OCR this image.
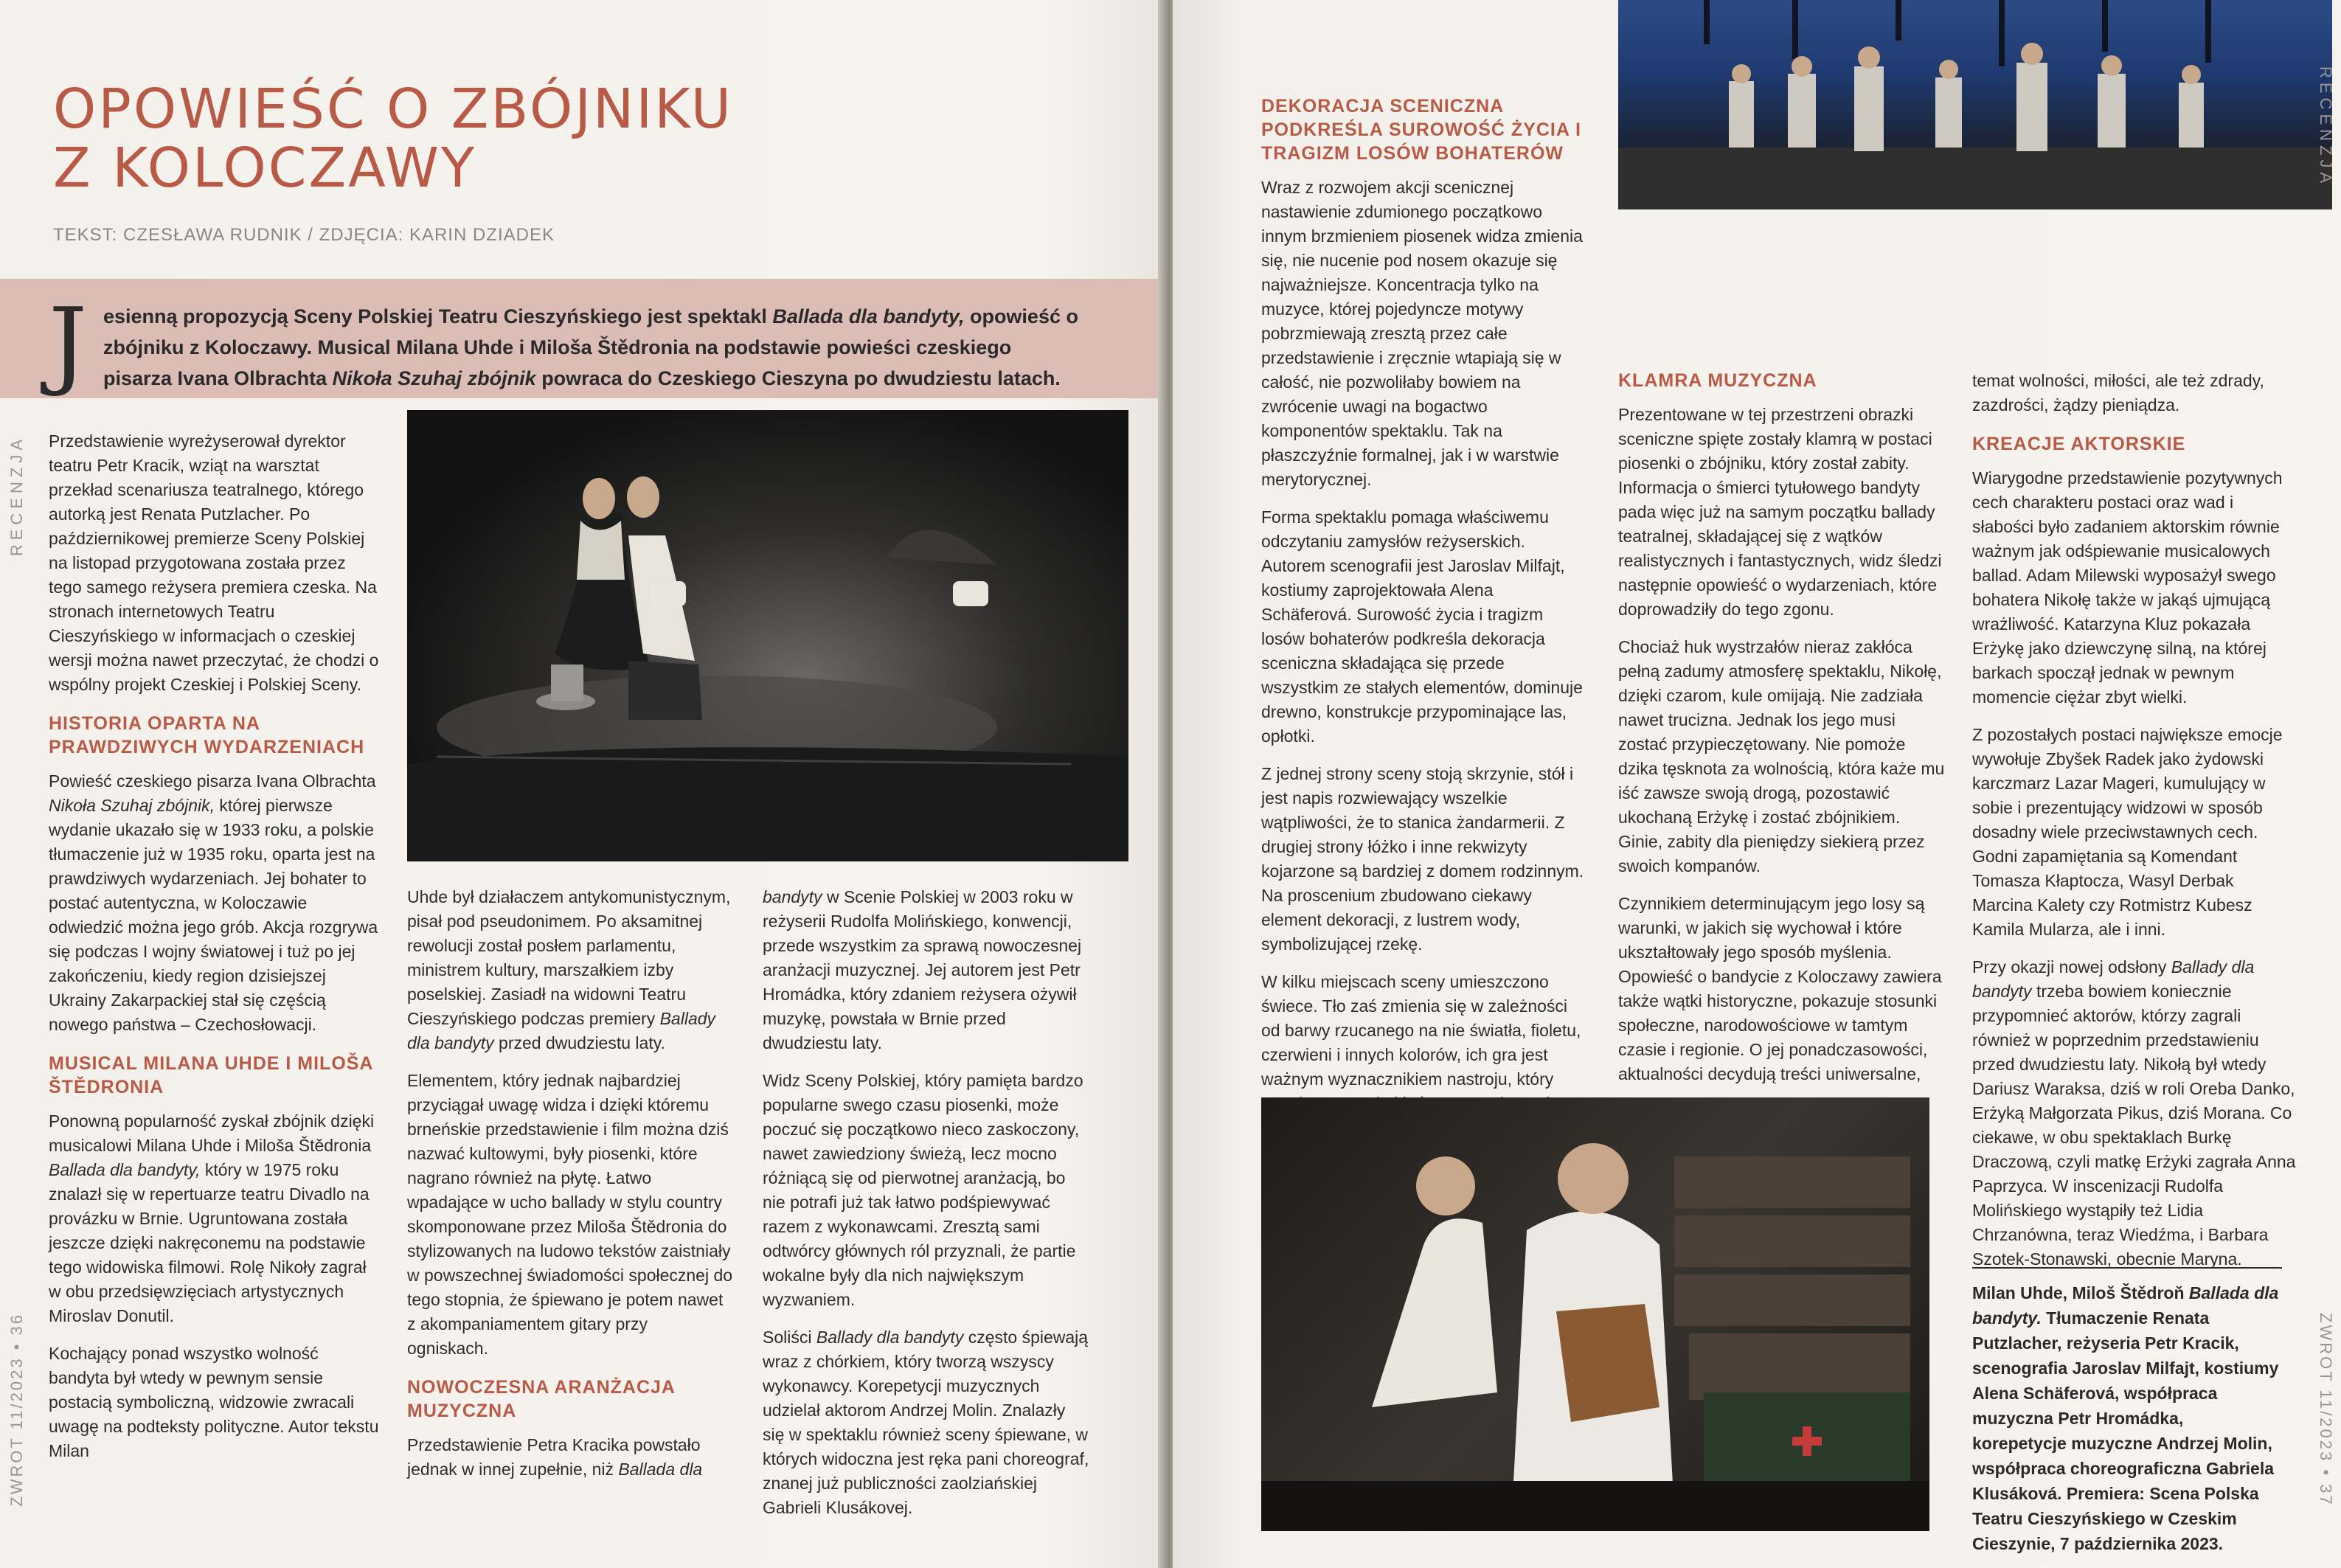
OPOWIEŚĆ O ZBÓJNIKU
Z KOLOCZAWY
TEKST: CZESŁAWA RUDNIK / ZDJĘCIA: KARIN DZIADEK
J esienną propozycją Sceny Polskiej Teatru Cieszyńskiego jest spektakl Ballada dla bandyty, opowieść o zbójniku z Koloczawy. Musical Milana Uhde i Miloša Štědronia na podstawie powieści czeskiego pisarza Ivana Olbrachta Nikoła Szuhaj zbójnik powraca do Czeskiego Cieszyna po dwudziestu latach.
RECENZJA
ZWROT 11/2023 • 36

Przedstawienie wyreżyserował dyrektor teatru Petr Kracik, wziąt na warsztat przekład scenariusza teatralnego, którego autorką jest Renata Putzlacher. Po październikowej premierze Sceny Polskiej na listopad przygotowana została przez tego samego reżysera premiera czeska. Na stronach internetowych Teatru Cieszyńskiego w informacjach o czeskiej wersji można nawet przeczytać, że chodzi o wspólny projekt Czeskiej i Polskiej Sceny.

HISTORIA OPARTA NA PRAWDZIWYCH WYDARZENIACH

Powieść czeskiego pisarza Ivana Olbrachta Nikoła Szuhaj zbójnik, której pierwsze wydanie ukazało się w 1933 roku, a polskie tłumaczenie już w 1935 roku, oparta jest na prawdziwych wydarzeniach. Jej bohater to postać autentyczna, w Koloczawie odwiedzić można jego grób. Akcja rozgrywa się podczas I wojny światowej i tuż po jej zakończeniu, kiedy region dzisiejszej Ukrainy Zakarpackiej stał się częścią nowego państwa – Czechosłowacji.

MUSICAL MILANA UHDE I MILOŠA ŠTĚDRONIA

Ponowną popularność zyskał zbójnik dzięki musicalowi Milana Uhde i Miloša Štědronia Ballada dla bandyty, który w 1975 roku znalazł się w repertuarze teatru Divadlo na provázku w Brnie. Ugruntowana została jeszcze dzięki nakręconemu na podstawie tego widowiska filmowi. Rolę Nikoły zagrał w obu przedsięwzięciach artystycznych Miroslav Donutil.

Kochający ponad wszystko wolność bandyta był wtedy w pewnym sensie postacią symboliczną, widzowie zwracali uwagę na podteksty polityczne. Autor tekstu Milan

Uhde był działaczem antykomunistycznym, pisał pod pseudonimem. Po aksamitnej rewolucji został posłem parlamentu, ministrem kultury, marszałkiem izby poselskiej. Zasiadł na widowni Teatru Cieszyńskiego podczas premiery Ballady dla bandyty przed dwudziestu laty.

Elementem, który jednak najbardziej przyciągał uwagę widza i dzięki któremu brneńskie przedstawienie i film można dziś nazwać kultowymi, były piosenki, które nagrano również na płytę. Łatwo wpadające w ucho ballady w stylu country skomponowane przez Miloša Štědronia do stylizowanych na ludowo tekstów zaistniały w powszechnej świadomości społecznej do tego stopnia, że śpiewano je potem nawet z akompaniamentem gitary przy ogniskach.

NOWOCZESNA ARANŻACJA MUZYCZNA

Przedstawienie Petra Kracika powstało jednak w innej zupełnie, niż Ballada dla

bandyty w Scenie Polskiej w 2003 roku w reżyserii Rudolfa Molińskiego, konwencji, przede wszystkim za sprawą nowoczesnej aranżacji muzycznej. Jej autorem jest Petr Hromádka, który zdaniem reżysera ożywił muzykę, powstała w Brnie przed dwudziestu laty.

Widz Sceny Polskiej, który pamięta bardzo popularne swego czasu piosenki, może poczuć się początkowo nieco zaskoczony, nawet zawiedziony świeżą, lecz mocno różniącą się od pierwotnej aranżacją, bo nie potrafi już tak łatwo podśpiewywać razem z wykonawcami. Zresztą sami odtwórcy głównych ról przyznali, że partie wokalne były dla nich największym wyzwaniem.

Soliści Ballady dla bandyty często śpiewają wraz z chórkiem, który tworzą wszyscy wykonawcy. Korepetycji muzycznych udzielał aktorom Andrzej Molin. Znalazły się w spektaklu również sceny śpiewane, w których widoczna jest ręka pani choreograf, znanej już publiczności zaolziańskiej Gabrieli Klusákovej.

DEKORACJA SCENICZNA PODKREŚLA SUROWOŚĆ ŻYCIA I TRAGIZM LOSÓW BOHATERÓW

Wraz z rozwojem akcji scenicznej nastawienie zdumionego początkowo innym brzmieniem piosenek widza zmienia się, nie nucenie pod nosem okazuje się najważniejsze. Koncentracja tylko na muzyce, której pojedyncze motywy pobrzmiewają zresztą przez całe przedstawienie i zręcznie wtapiają się w całość, nie pozwoliłaby bowiem na zwrócenie uwagi na bogactwo komponentów spektaklu. Tak na płaszczyźnie formalnej, jak i w warstwie merytorycznej.

Forma spektaklu pomaga właściwemu odczytaniu zamysłów reżyserskich. Autorem scenografii jest Jaroslav Milfajt, kostiumy zaprojektowała Alena Schäferová. Surowość życia i tragizm losów bohaterów podkreśla dekoracja sceniczna składająca się przede wszystkim ze stałych elementów, dominuje drewno, konstrukcje przypominające las, opłotki.

Z jednej strony sceny stoją skrzynie, stół i jest napis rozwiewający wszelkie wątpliwości, że to stanica żandarmerii. Z drugiej strony łóżko i inne rekwizyty kojarzone są bardziej z domem rodzinnym. Na proscenium zbudowano ciekawy element dekoracji, z lustrem wody, symbolizującej rzekę.

W kilku miejscach sceny umieszczono świece. Tło zaś zmienia się w zależności od barwy rzucanego na nie światła, fioletu, czerwieni i innych kolorów, ich gra jest ważnym wyznacznikiem nastroju, który

KLAMRA MUZYCZNA

Prezentowane w tej przestrzeni obrazki sceniczne spięte zostały klamrą w postaci piosenki o zbójniku, który został zabity. Informacja o śmierci tytułowego bandyty pada więc już na samym początku ballady teatralnej, składającej się z wątków realistycznych i fantastycznych, widz śledzi następnie opowieść o wydarzeniach, które doprowadziły do tego zgonu.

Chociaż huk wystrzałów nieraz zakłóca pełną zadumy atmosferę spektaklu, Nikołę, dzięki czarom, kule omijają. Nie zadziała nawet trucizna. Jednak los jego musi zostać przypieczętowany. Nie pomoże dzika tęsknota za wolnością, która każe mu iść zawsze swoją drogą, pozostawić ukochaną Erżykę i zostać zbójnikiem. Ginie, zabity dla pieniędzy siekierą przez swoich kompanów.

Czynnikiem determinującym jego losy są warunki, w jakich się wychował i które ukształtowały jego sposób myślenia. Opowieść o bandycie z Koloczawy zawiera także wątki historyczne, pokazuje stosunki społeczne, narodowościowe w tamtym czasie i regionie. O jej ponadczasowości, aktualności decydują treści uniwersalne,

temat wolności, miłości, ale też zdrady, zazdrości, żądzy pieniądza.

KREACJE AKTORSKIE

Wiarygodne przedstawienie pozytywnych cech charakteru postaci oraz wad i słabości było zadaniem aktorskim równie ważnym jak odśpiewanie musicalowych ballad. Adam Milewski wyposażył swego bohatera Nikołę także w jakąś ujmującą wrażliwość. Katarzyna Kluz pokazała Erżykę jako dziewczynę silną, na której barkach spoczął jednak w pewnym momencie ciężar zbyt wielki.

Z pozostałych postaci największe emocje wywołuje Zbyšek Radek jako żydowski karczmarz Lazar Mageri, kumulujący w sobie i prezentujący widzowi w sposób dosadny wiele przeciwstawnych cech. Godni zapamiętania są Komendant Tomasza Kłaptocza, Wasyl Derbak Marcina Kalety czy Rotmistrz Kubesz Kamila Mularza, ale i inni.

Przy okazji nowej odsłony Ballady dla bandyty trzeba bowiem koniecznie przypomnieć aktorów, którzy zagrali również w poprzednim przedstawieniu przed dwudziestu laty. Nikołą był wtedy Dariusz Waraksa, dziś w roli Oreba Danko, Erżyką Małgorzata Pikus, dziś Morana. Co ciekawe, w obu spektaklach Burkę Draczową, czyli matkę Erżyki zagrała Anna Paprzyca. W inscenizacji Rudolfa Molińskiego wystąpiły też Lidia Chrzanówna, teraz Wiedźma, i Barbara Szotek-Stonawski, obecnie Maryna.

Milan Uhde, Miloš Štědroň Ballada dla bandyty. Tłumaczenie Renata Putzlacher, reżyseria Petr Kracik, scenografia Jaroslav Milfajt, kostiumy Alena Schäferová, współpraca muzyczna Petr Hromádka, korepetycje muzyczne Andrzej Molin, współpraca choreograficzna Gabriela Klusáková. Premiera: Scena Polska Teatru Cieszyńskiego w Czeskim Cieszynie, 7 października 2023.
RECENZJA
ZWROT 11/2023 • 37
